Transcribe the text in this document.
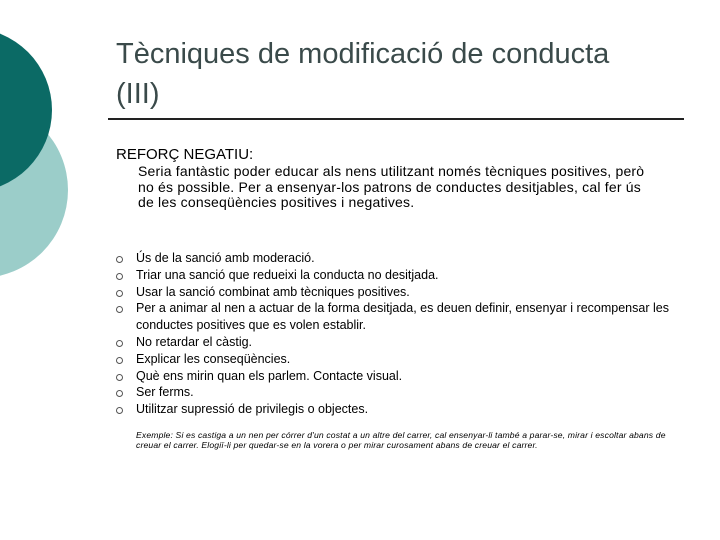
Tècniques de modificació de conducta
(III)
REFORÇ NEGATIU:
Seria fantàstic poder educar als nens utilitzant només tècniques positives, però no és possible. Per a ensenyar-los patrons de conductes desitjables, cal fer ús de les conseqüències positives i negatives.
Ús de la sanció amb moderació.
Triar una sanció que redueixi la conducta no desitjada.
Usar la sanció combinat amb tècniques positives.
Per a animar al nen a actuar de la forma desitjada, es deuen definir, ensenyar i recompensar les conductes positives que es volen establir.
No retardar el càstig.
Explicar les conseqüències.
Què ens mirin quan els parlem. Contacte visual.
Ser ferms.
Utilitzar supressió de privilegis o objectes.
Exemple: Si es castiga a un nen per córrer d'un costat a un altre del carrer, cal ensenyar-li també a parar-se, mirar i escoltar abans de creuar el carrer. Elogiï-li per quedar-se en la vorera o per mirar curosament abans de creuar el carrer.
